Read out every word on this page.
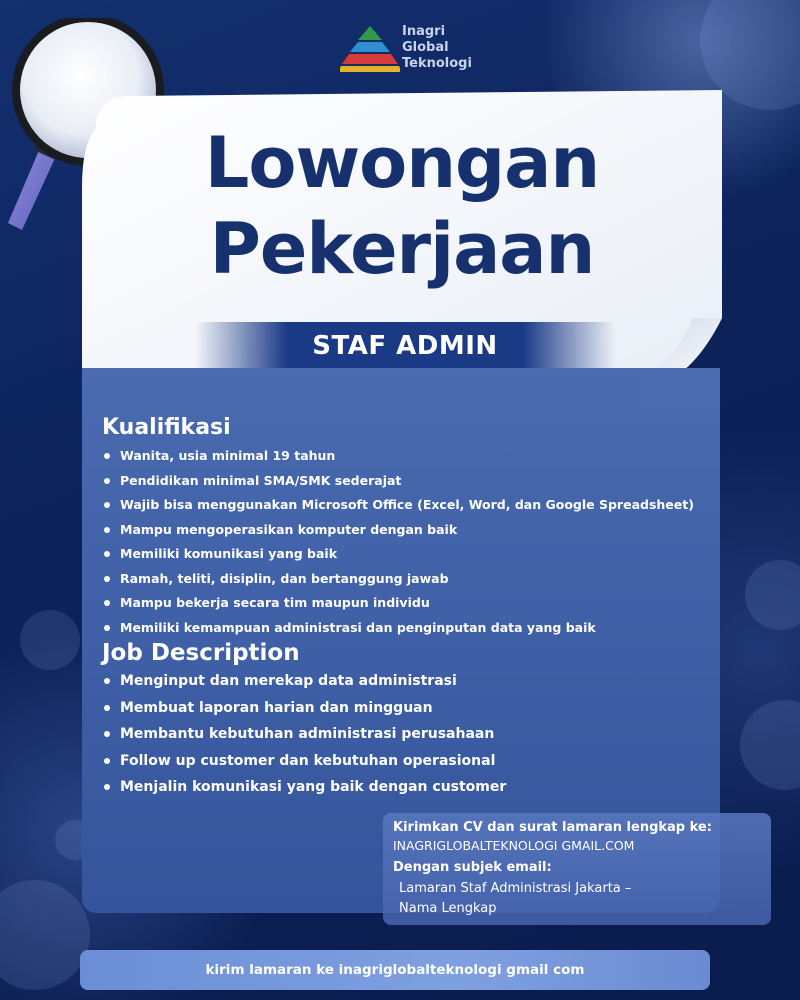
Inagri
Global
Teknologi
Lowongan
Pekerjaan
STAF ADMIN
Kualifikasi
Wanita, usia minimal 19 tahun
Pendidikan minimal SMA/SMK sederajat
Wajib bisa menggunakan Microsoft Office (Excel, Word, dan Google Spreadsheet)
Mampu mengoperasikan komputer dengan baik
Memiliki komunikasi yang baik
Ramah, teliti, disiplin, dan bertanggung jawab
Mampu bekerja secara tim maupun individu
Memiliki kemampuan administrasi dan penginputan data yang baik
Job Description
Menginput dan merekap data administrasi
Membuat laporan harian dan mingguan
Membantu kebutuhan administrasi perusahaan
Follow up customer dan kebutuhan operasional
Menjalin komunikasi yang baik dengan customer
Kirimkan CV dan surat lamaran lengkap ke:
INAGRIGLOBALTEKNOLOGI GMAIL.COM
Dengan subjek email:
Lamaran Staf Administrasi Jakarta –
Nama Lengkap
kirim lamaran ke inagriglobalteknologi gmail com
